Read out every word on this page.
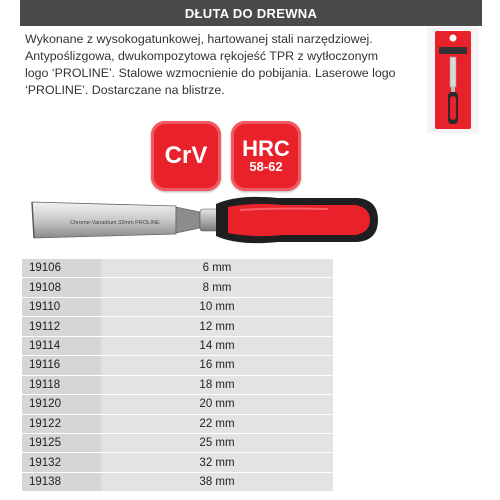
DŁUTA DO DREWNA

Wykonane z wysokogatunkowej, hartowanej stali narzędziowej.

Antypoślizgowa, dwukompozytowa rękojeść TPR z wytłoczonym

logo ‘PROLINE’. Stalowe wzmocnienie do pobijania. Laserowe logo

‘PROLINE’. Dostarczane na blistrze.

CrV HRC
58-62
Chrome-Vanadium 32mm PROLINE
19106	6 mm
19108	8 mm
19110	10 mm
19112	12 mm
19114	14 mm
19116	16 mm
19118	18 mm
19120	20 mm
19122	22 mm
19125	25 mm
19132	32 mm
19138	38 mm
